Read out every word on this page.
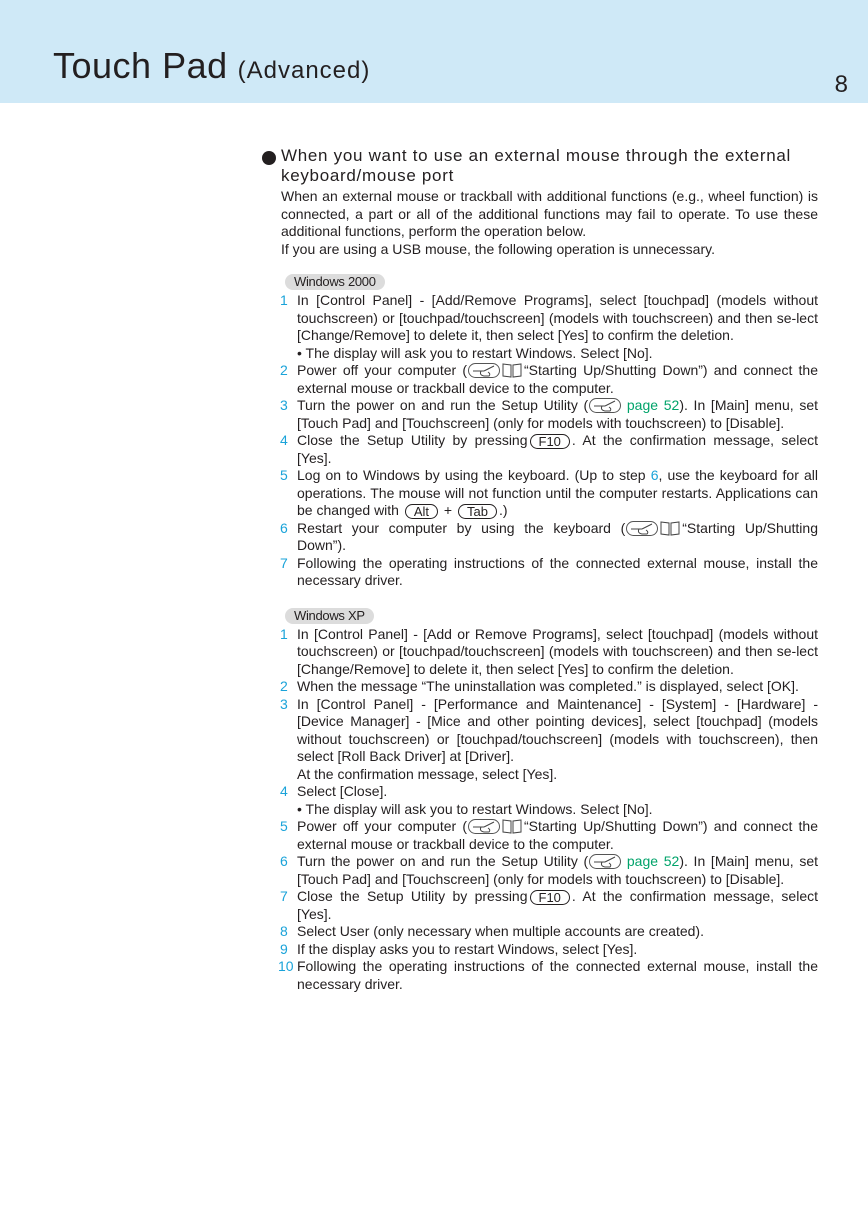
Touch Pad (Advanced)
8
When you want to use an external mouse through the external
keyboard/mouse port

When an external mouse or trackball with additional functions (e.g., wheel function) is connected, a part or all of the additional functions may fail to operate. To use these additional functions, perform the operation below.

If you are using a USB mouse, the following operation is unnecessary.

Windows 2000
1 In [Control Panel] - [Add/Remove Programs], select [touchpad] (models without touchscreen) or [touchpad/touchscreen] (models with touchscreen) and then se-lect [Change/Remove] to delete it, then select [Yes] to confirm the deletion.
• The display will ask you to restart Windows. Select [No].
2 Power off your computer (	“Starting Up/Shutting Down”) and connect the external mouse or trackball device to the computer.
3 Turn the power on and run the Setup Utility (	page 52). In [Main] menu, set [Touch Pad] and [Touchscreen] (only for models with touchscreen) to [Disable].
4 Close the Setup Utility by pressing F10 . At the confirmation message, select [Yes].
5 Log on to Windows by using the keyboard. (Up to step 6, use the keyboard for all operations. The mouse will not function until the computer restarts. Applications can be changed with Alt + Tab .)
6 Restart your computer by using the keyboard (	“Starting Up/Shutting Down”).
7 Following the operating instructions of the connected external mouse, install the necessary driver.
Windows XP
1 In [Control Panel] - [Add or Remove Programs], select [touchpad] (models without touchscreen) or [touchpad/touchscreen] (models with touchscreen) and then se-lect [Change/Remove] to delete it, then select [Yes] to confirm the deletion.
2 When the message “The uninstallation was completed.” is displayed, select [OK].
3 In [Control Panel] - [Performance and Maintenance] - [System] - [Hardware] - [Device Manager] - [Mice and other pointing devices], select [touchpad] (models without touchscreen) or [touchpad/touchscreen] (models with touchscreen), then select [Roll Back Driver] at [Driver].
At the confirmation message, select [Yes].
4 Select [Close].
• The display will ask you to restart Windows. Select [No].
5 Power off your computer (	“Starting Up/Shutting Down”) and connect the external mouse or trackball device to the computer.
6 Turn the power on and run the Setup Utility (	page 52). In [Main] menu, set [Touch Pad] and [Touchscreen] (only for models with touchscreen) to [Disable].
7 Close the Setup Utility by pressing F10 . At the confirmation message, select [Yes].
8 Select User (only necessary when multiple accounts are created).
9 If the display asks you to restart Windows, select [Yes].
10 Following the operating instructions of the connected external mouse, install the necessary driver.
